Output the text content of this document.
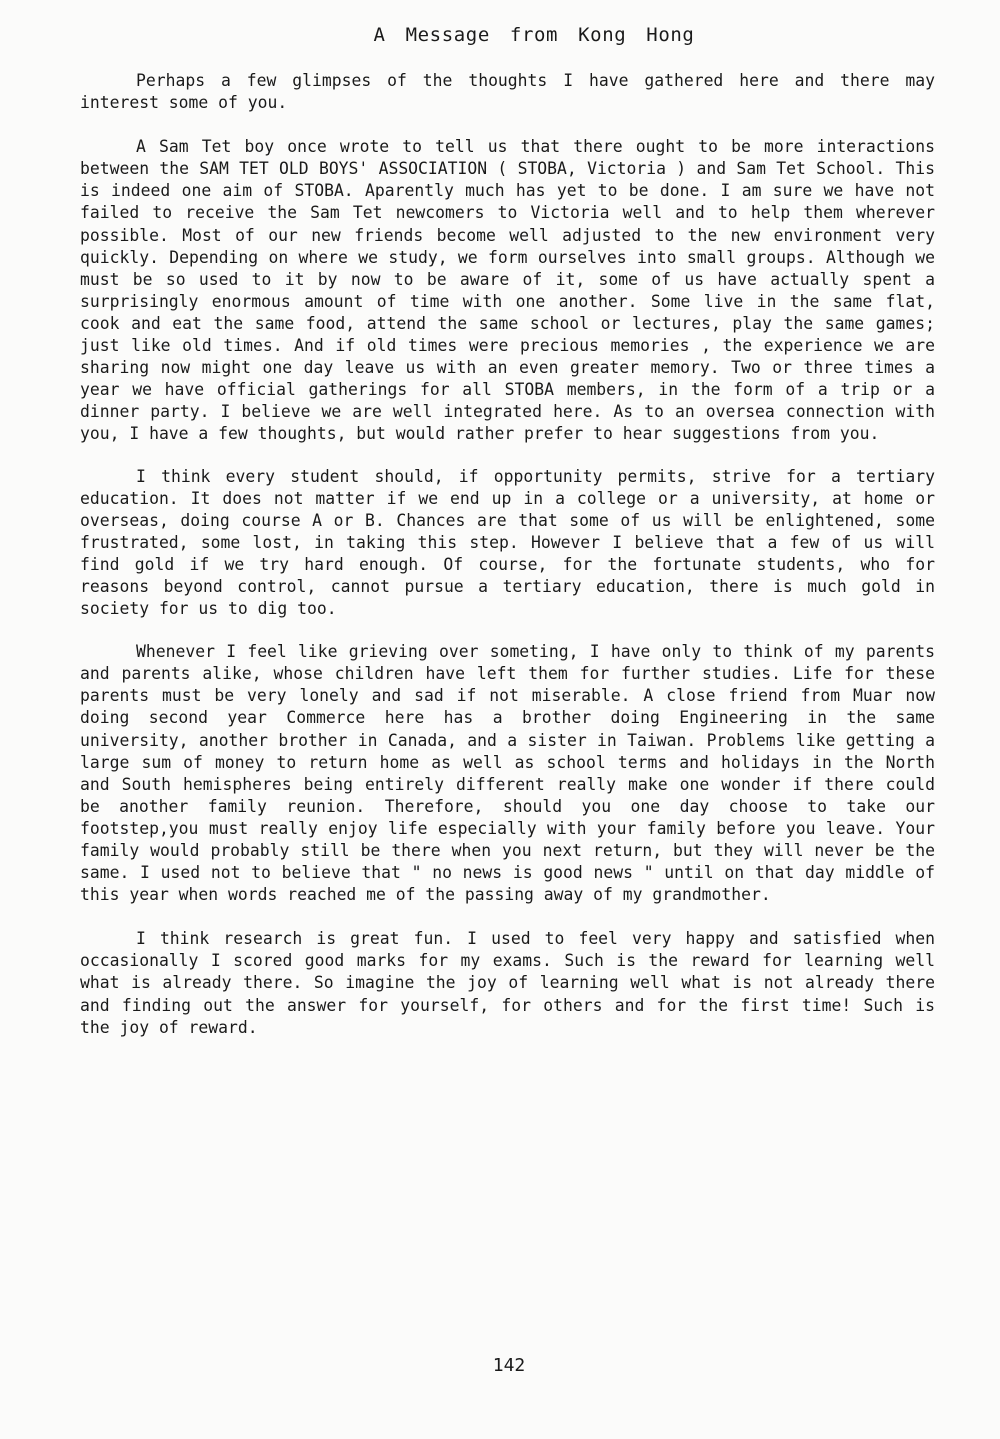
A Message from Kong Hong

Perhaps a few glimpses of the thoughts I have gathered here and there may interest some of you.

A Sam Tet boy once wrote to tell us that there ought to be more interactions between the SAM TET OLD BOYS' ASSOCIATION ( STOBA, Victoria ) and Sam Tet School. This is indeed one aim of STOBA. Aparently much has yet to be done. I am sure we have not failed to receive the Sam Tet newcomers to Victoria well and to help them wherever possible. Most of our new friends become well adjusted to the new environment very quickly. Depending on where we study, we form ourselves into small groups. Although we must be so used to it by now to be aware of it, some of us have actually spent a surprisingly enormous amount of time with one another. Some live in the same flat, cook and eat the same food, attend the same school or lectures, play the same games; just like old times. And if old times were precious memories , the experience we are sharing now might one day leave us with an even greater memory. Two or three times a year we have official gatherings for all STOBA members, in the form of a trip or a dinner party. I believe we are well integrated here. As to an oversea connection with you, I have a few thoughts, but would rather prefer to hear suggestions from you.

I think every student should, if opportunity permits, strive for a tertiary education. It does not matter if we end up in a college or a university, at home or overseas, doing course A or B. Chances are that some of us will be enlightened, some frustrated, some lost, in taking this step. However I believe that a few of us will find gold if we try hard enough. Of course, for the fortunate students, who for reasons beyond control, cannot pursue a tertiary education, there is much gold in society for us to dig too.

Whenever I feel like grieving over someting, I have only to think of my parents and parents alike, whose children have left them for further studies. Life for these parents must be very lonely and sad if not miserable. A close friend from Muar now doing second year Commerce here has a brother doing Engineering in the same university, another brother in Canada, and a sister in Taiwan. Problems like getting a large sum of money to return home as well as school terms and holidays in the North and South hemispheres being entirely different really make one wonder if there could be another family reunion. Therefore, should you one day choose to take our footstep,you must really enjoy life especially with your family before you leave. Your family would probably still be there when you next return, but they will never be the same. I used not to believe that " no news is good news " until on that day middle of this year when words reached me of the passing away of my grandmother.

I think research is great fun. I used to feel very happy and satisfied when occasionally I scored good marks for my exams. Such is the reward for learning well what is already there. So imagine the joy of learning well what is not already there and finding out the answer for yourself, for others and for the first time! Such is the joy of reward.

142
